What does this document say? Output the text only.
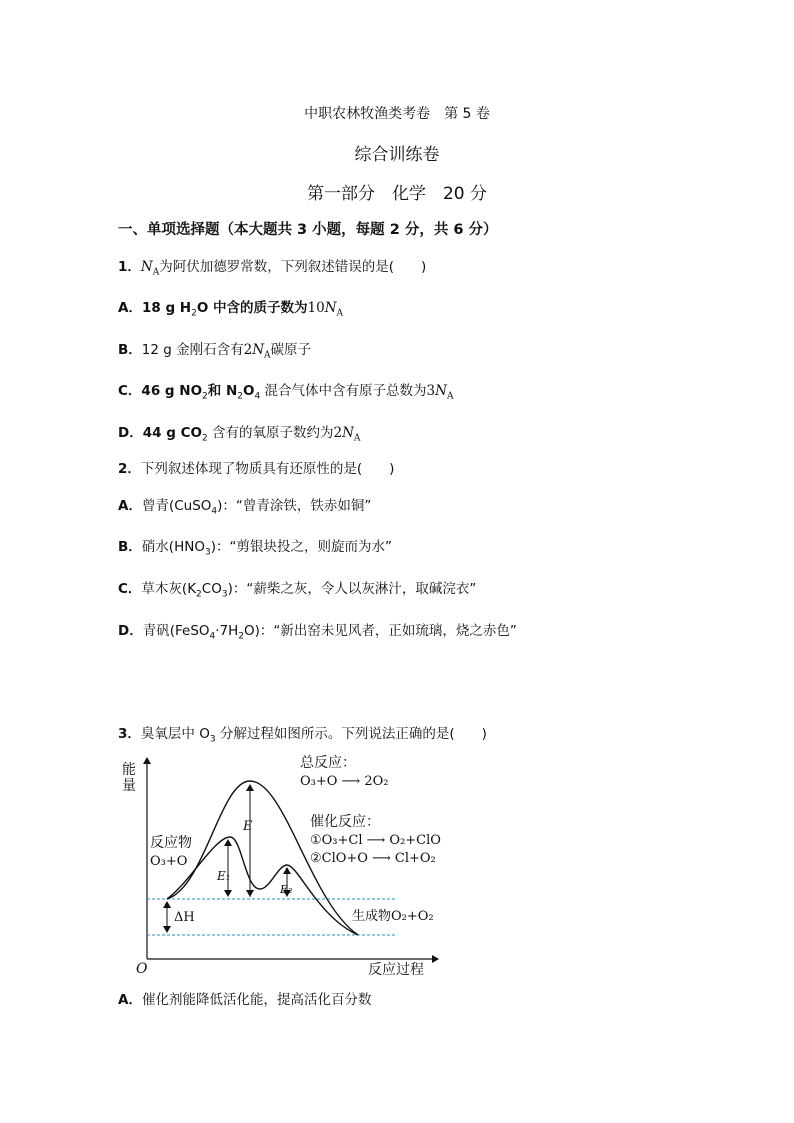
中职农林牧渔类考卷　第 5 卷
综合训练卷
第一部分　化学　20 分
一、单项选择题（本大题共 3 小题，每题 2 分，共 6 分）
1．$N_A$为阿伏加德罗常数，下列叙述错误的是(　　)
A．18 g $H_2O$ 中含的质子数为$10N_A$
B．12 g 金刚石含有$2N_A$碳原子
C．46 g $NO_2$和 $N_2O_4$ 混合气体中含有原子总数为$3N_A$
D．44 g $CO_2$ 含有的氧原子数约为$2N_A$
2．下列叙述体现了物质具有还原性的是(　　)
A．曾青(CuSO$_4$)：“曾青涂铁，铁赤如铜”
B．硝水$(HNO_3)$：“剪银块投之，则旋而为水”
C．草木灰$(K_2CO_3)$：“薪柴之灰，令人以灰淋汁，取碱浣衣”
D．青矾$(FeSO_4\cdot 7H_2O)$：“新出窑未见风者，正如琉璃，烧之赤色”
3．臭氧层中 $O_3$ 分解过程如图所示。下列说法正确的是(　　)
能
量
O	反应过程
E
E₁
E₂
ΔH
反应物
O₃+O
总反应：
O₃+O ⟶ 2O₂
催化反应：
①O₃+Cl ⟶ O₂+ClO
②ClO+O ⟶ Cl+O₂
生成物O₂+O₂
A．催化剂能降低活化能，提高活化百分数
